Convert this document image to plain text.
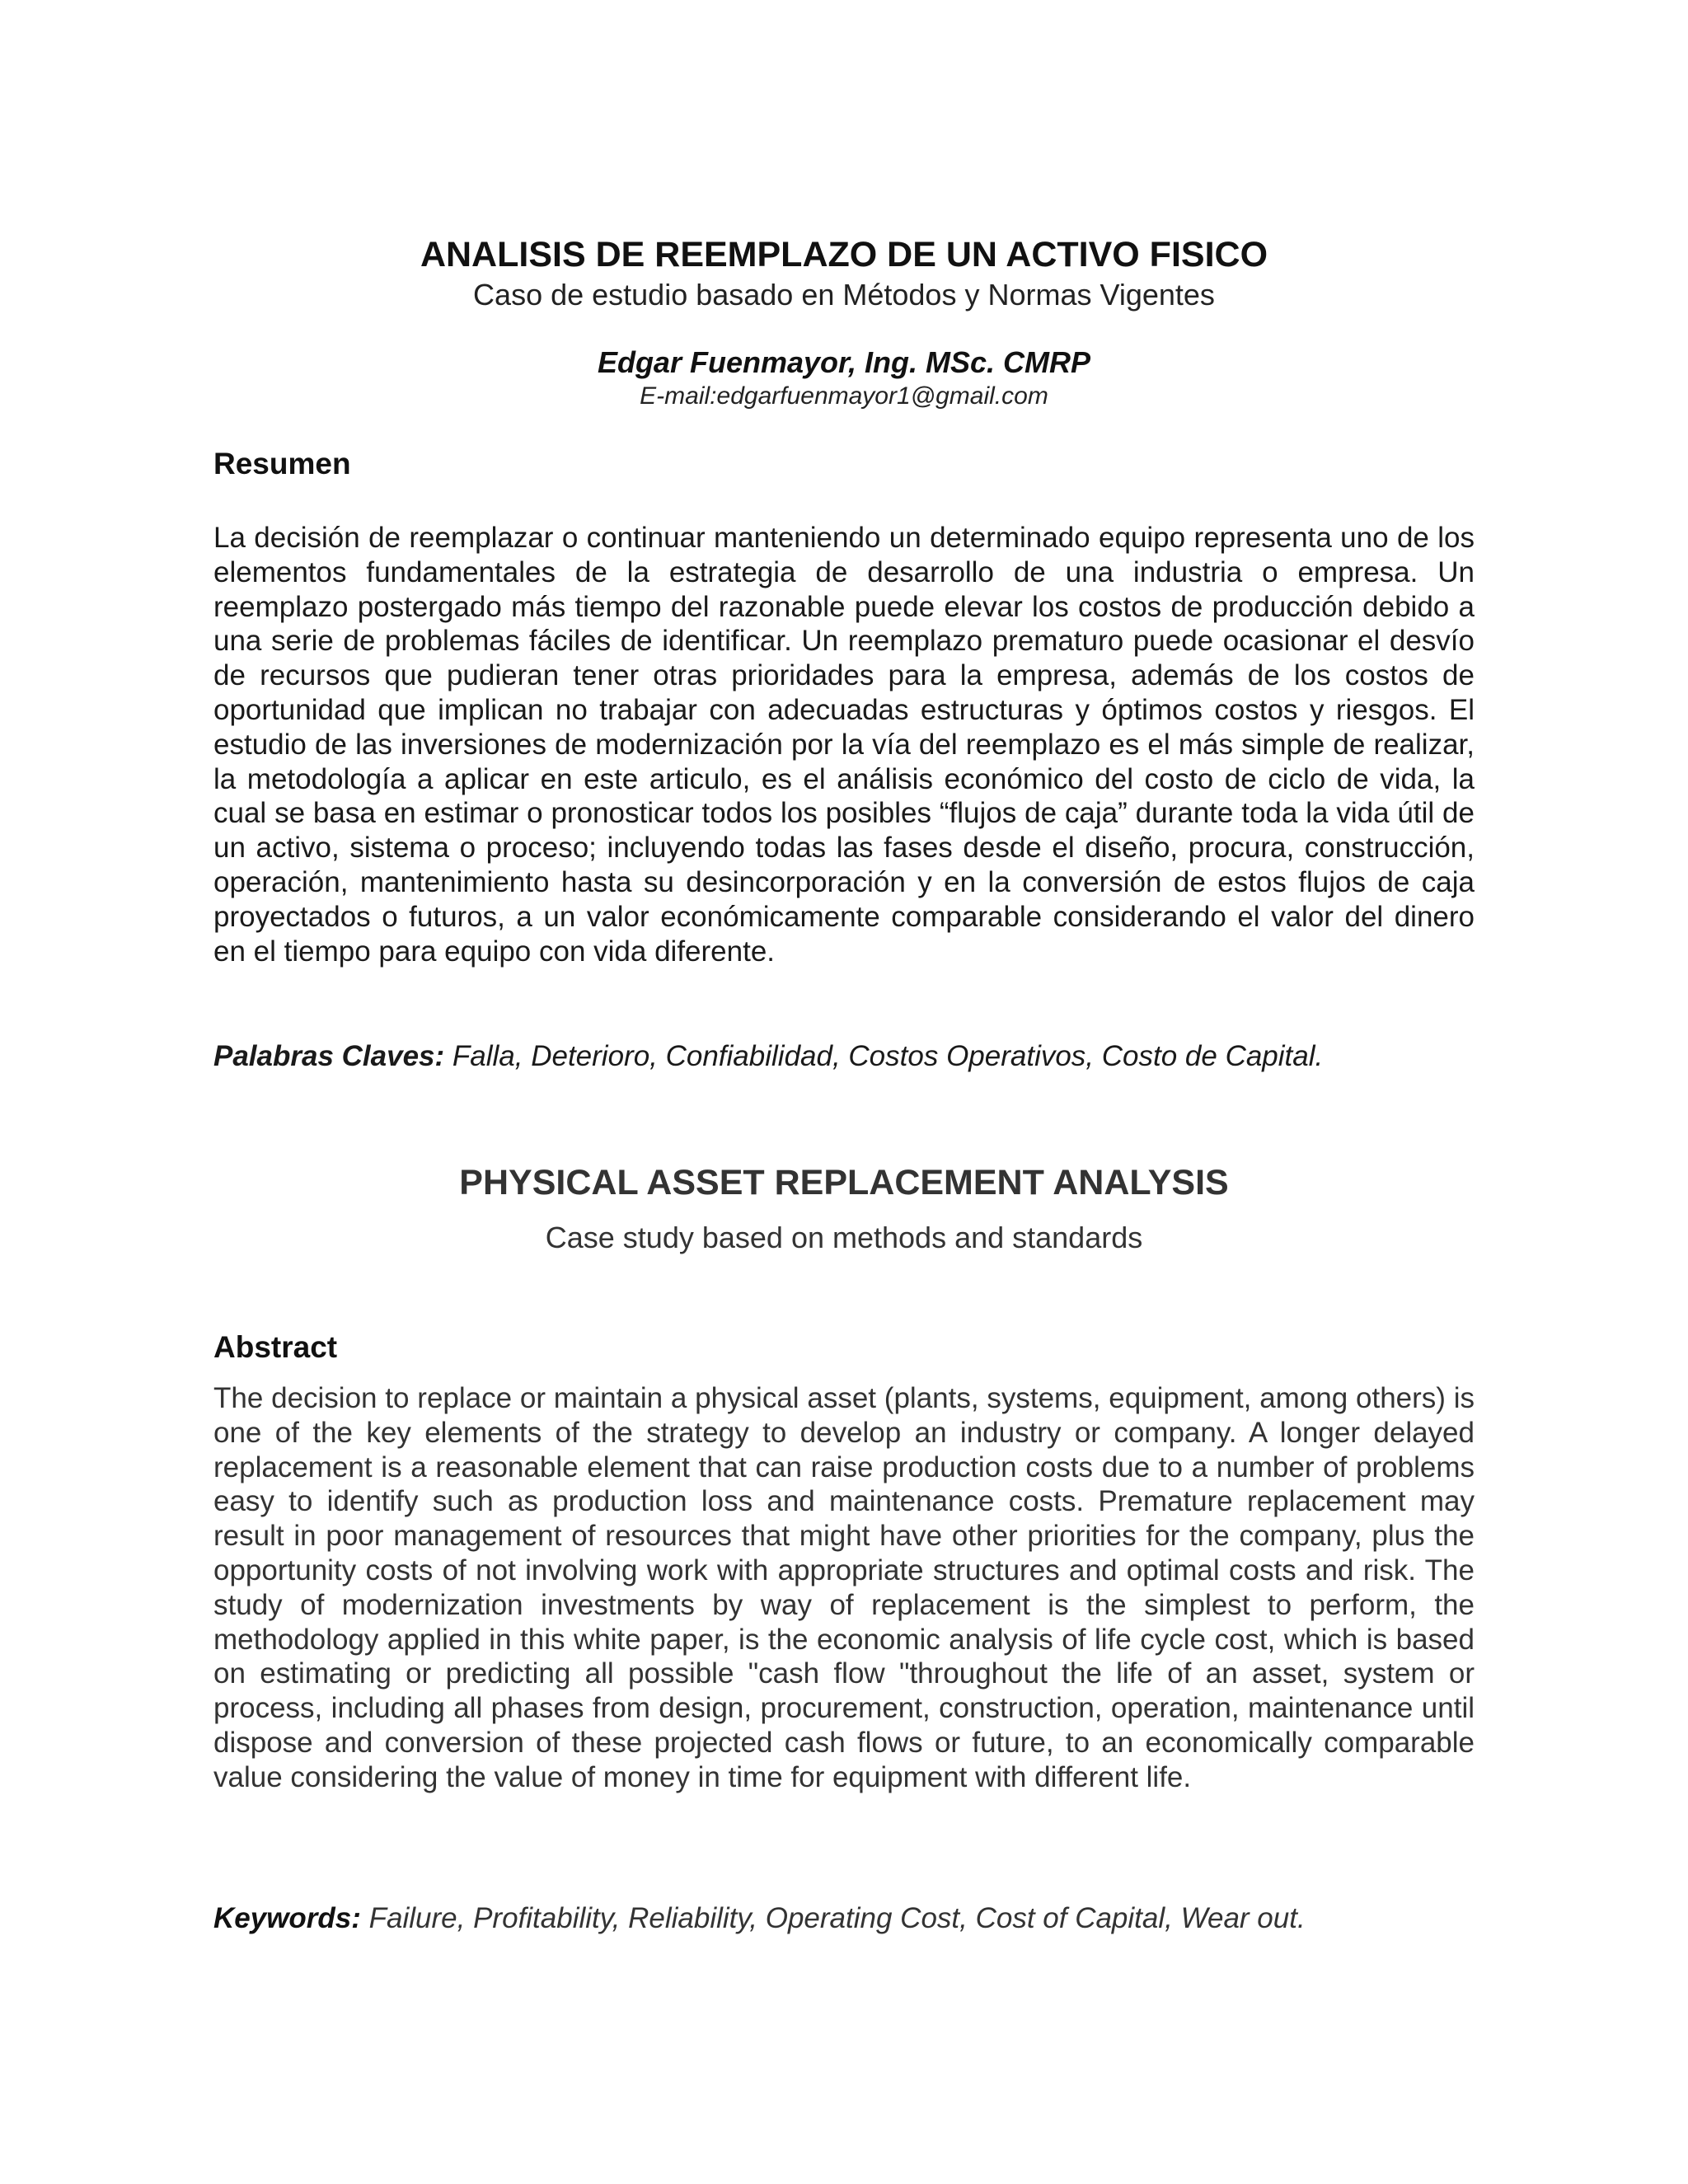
ANALISIS DE REEMPLAZO DE UN ACTIVO FISICO
Caso de estudio basado en Métodos y Normas Vigentes
Edgar Fuenmayor, Ing. MSc. CMRP
E-mail:edgarfuenmayor1@gmail.com
Resumen

La decisión de reemplazar o continuar manteniendo un determinado equipo representa uno de los elementos fundamentales de la estrategia de desarrollo de una industria o empresa. Un reemplazo postergado más tiempo del razonable puede elevar los costos de producción debido a una serie de problemas fáciles de identificar. Un reemplazo prematuro puede ocasionar el desvío de recursos que pudieran tener otras prioridades para la empresa, además de los costos de oportunidad que implican no trabajar con adecuadas estructuras y óptimos costos y riesgos. El estudio de las inversiones de modernización por la vía del reemplazo es el más simple de realizar, la metodología a aplicar en este articulo, es el análisis económico del costo de ciclo de vida, la cual se basa en estimar o pronosticar todos los posibles “flujos de caja” durante toda la vida útil de un activo, sistema o proceso; incluyendo todas las fases desde el diseño, procura, construcción, operación, mantenimiento hasta su desincorporación y en la conversión de estos flujos de caja proyectados o futuros, a un valor económicamente comparable considerando el valor del dinero en el tiempo para equipo con vida diferente.

Palabras Claves: Falla, Deterioro, Confiabilidad, Costos Operativos, Costo de Capital.

PHYSICAL ASSET REPLACEMENT ANALYSIS
Case study based on methods and standards
Abstract

The decision to replace or maintain a physical asset (plants, systems, equipment, among others) is one of the key elements of the strategy to develop an industry or company. A longer delayed replacement is a reasonable element that can raise production costs due to a number of problems easy to identify such as production loss and maintenance costs. Premature replacement may result in poor management of resources that might have other priorities for the company, plus the opportunity costs of not involving work with appropriate structures and optimal costs and risk. The study of modernization investments by way of replacement is the simplest to perform, the methodology applied in this white paper, is the economic analysis of life cycle cost, which is based on estimating or predicting all possible "cash flow "throughout the life of an asset, system or process, including all phases from design, procurement, construction, operation, maintenance until dispose and conversion of these projected cash flows or future, to an economically comparable value considering the value of money in time for equipment with different life.

Keywords: Failure, Profitability, Reliability, Operating Cost, Cost of Capital, Wear out.
